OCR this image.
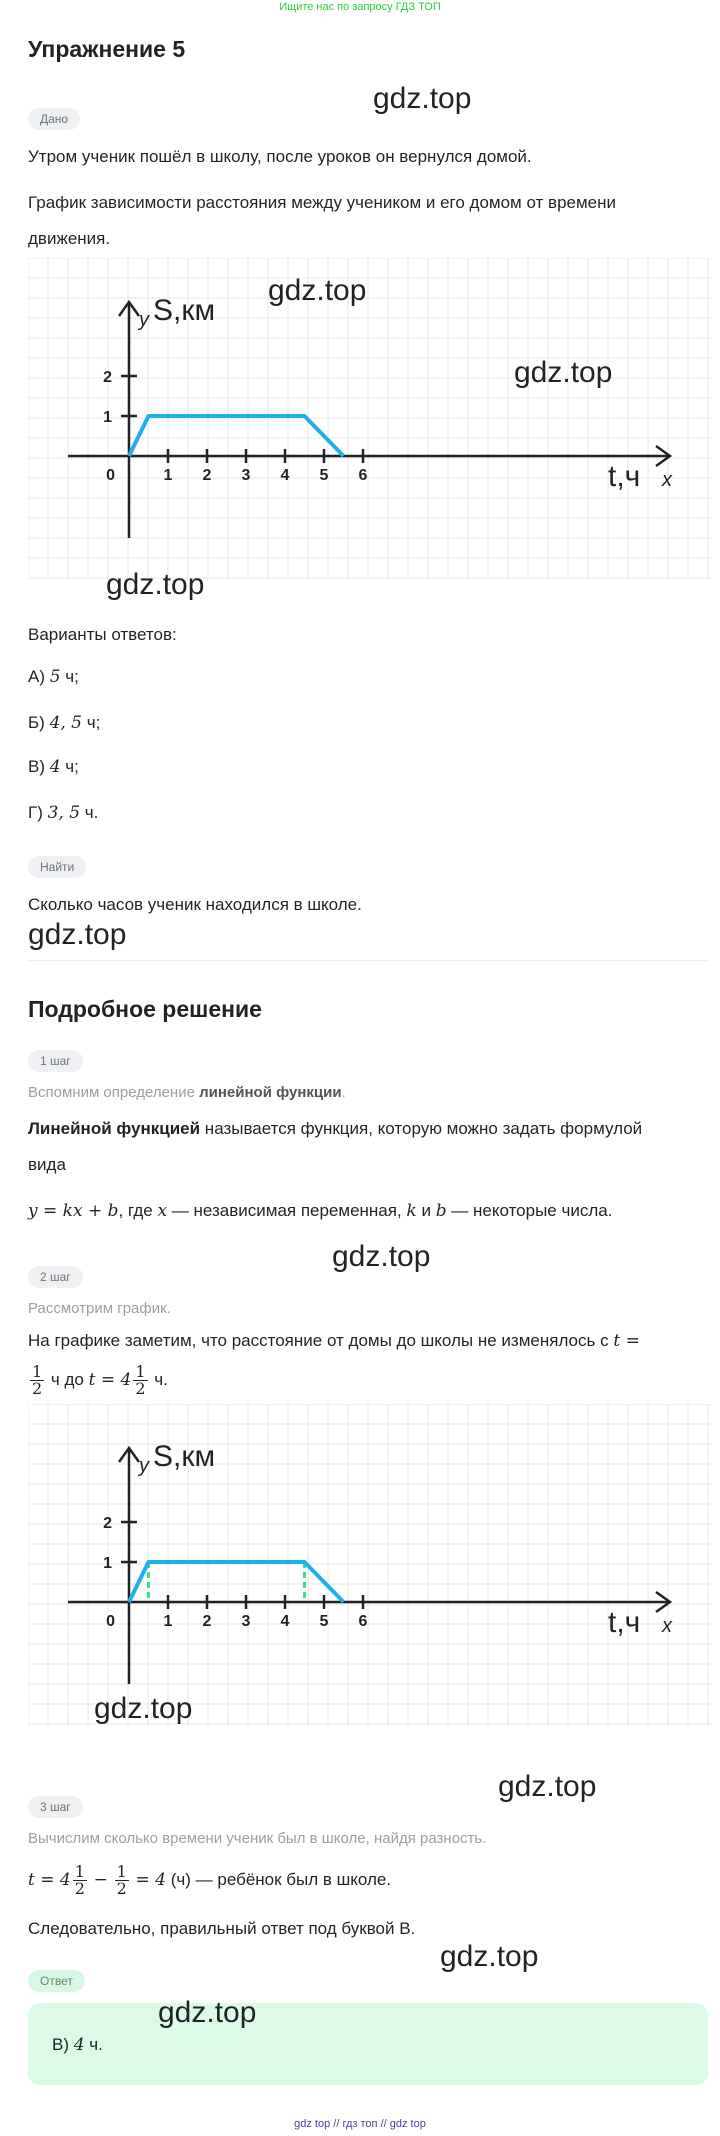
Ищите нас по запросу ГДЗ ТОП
Упражнение 5
gdz.top
Дано
Утром ученик пошёл в школу, после уроков он вернулся домой.
График зависимости расстояния между учеником и его домом от времени
движения.
1 2 3 4 5 6
1
2
0
S,км
y
t,ч x
gdz.top
gdz.top
gdz.top
Варианты ответов:
А) 5 ч;
Б) 4, 5 ч;
В) 4 ч;
Г) 3, 5 ч.
Найти
Сколько часов ученик находился в школе.
gdz.top
Подробное решение
1 шаг
Вспомним определение линейной функции.
Линейной функцией называется функция, которую можно задать формулой
вида
y = kx + b, где x — независимая переменная, k и b — некоторые числа.
gdz.top
2 шаг
Рассмотрим график.
На графике заметим, что расстояние от домы до школы не изменялось с t =
$\frac{1}{2}$ ч до $t = 4 \frac{1}{2} ч$.
1 2 3 4 5 6
1
2
0
S,км
y
t,ч x
gdz.top
gdz.top
3 шаг
Вычислим сколько времени ученик был в школе, найдя разность.
$t = 4 \frac{1}{2} - \frac{1}{2} = 4$ (ч) — ребёнок был в школе.
Следовательно, правильный ответ под буквой В.
gdz.top
Ответ
gdz.top
В) 4 ч.
gdz top // гдз топ // gdz top
